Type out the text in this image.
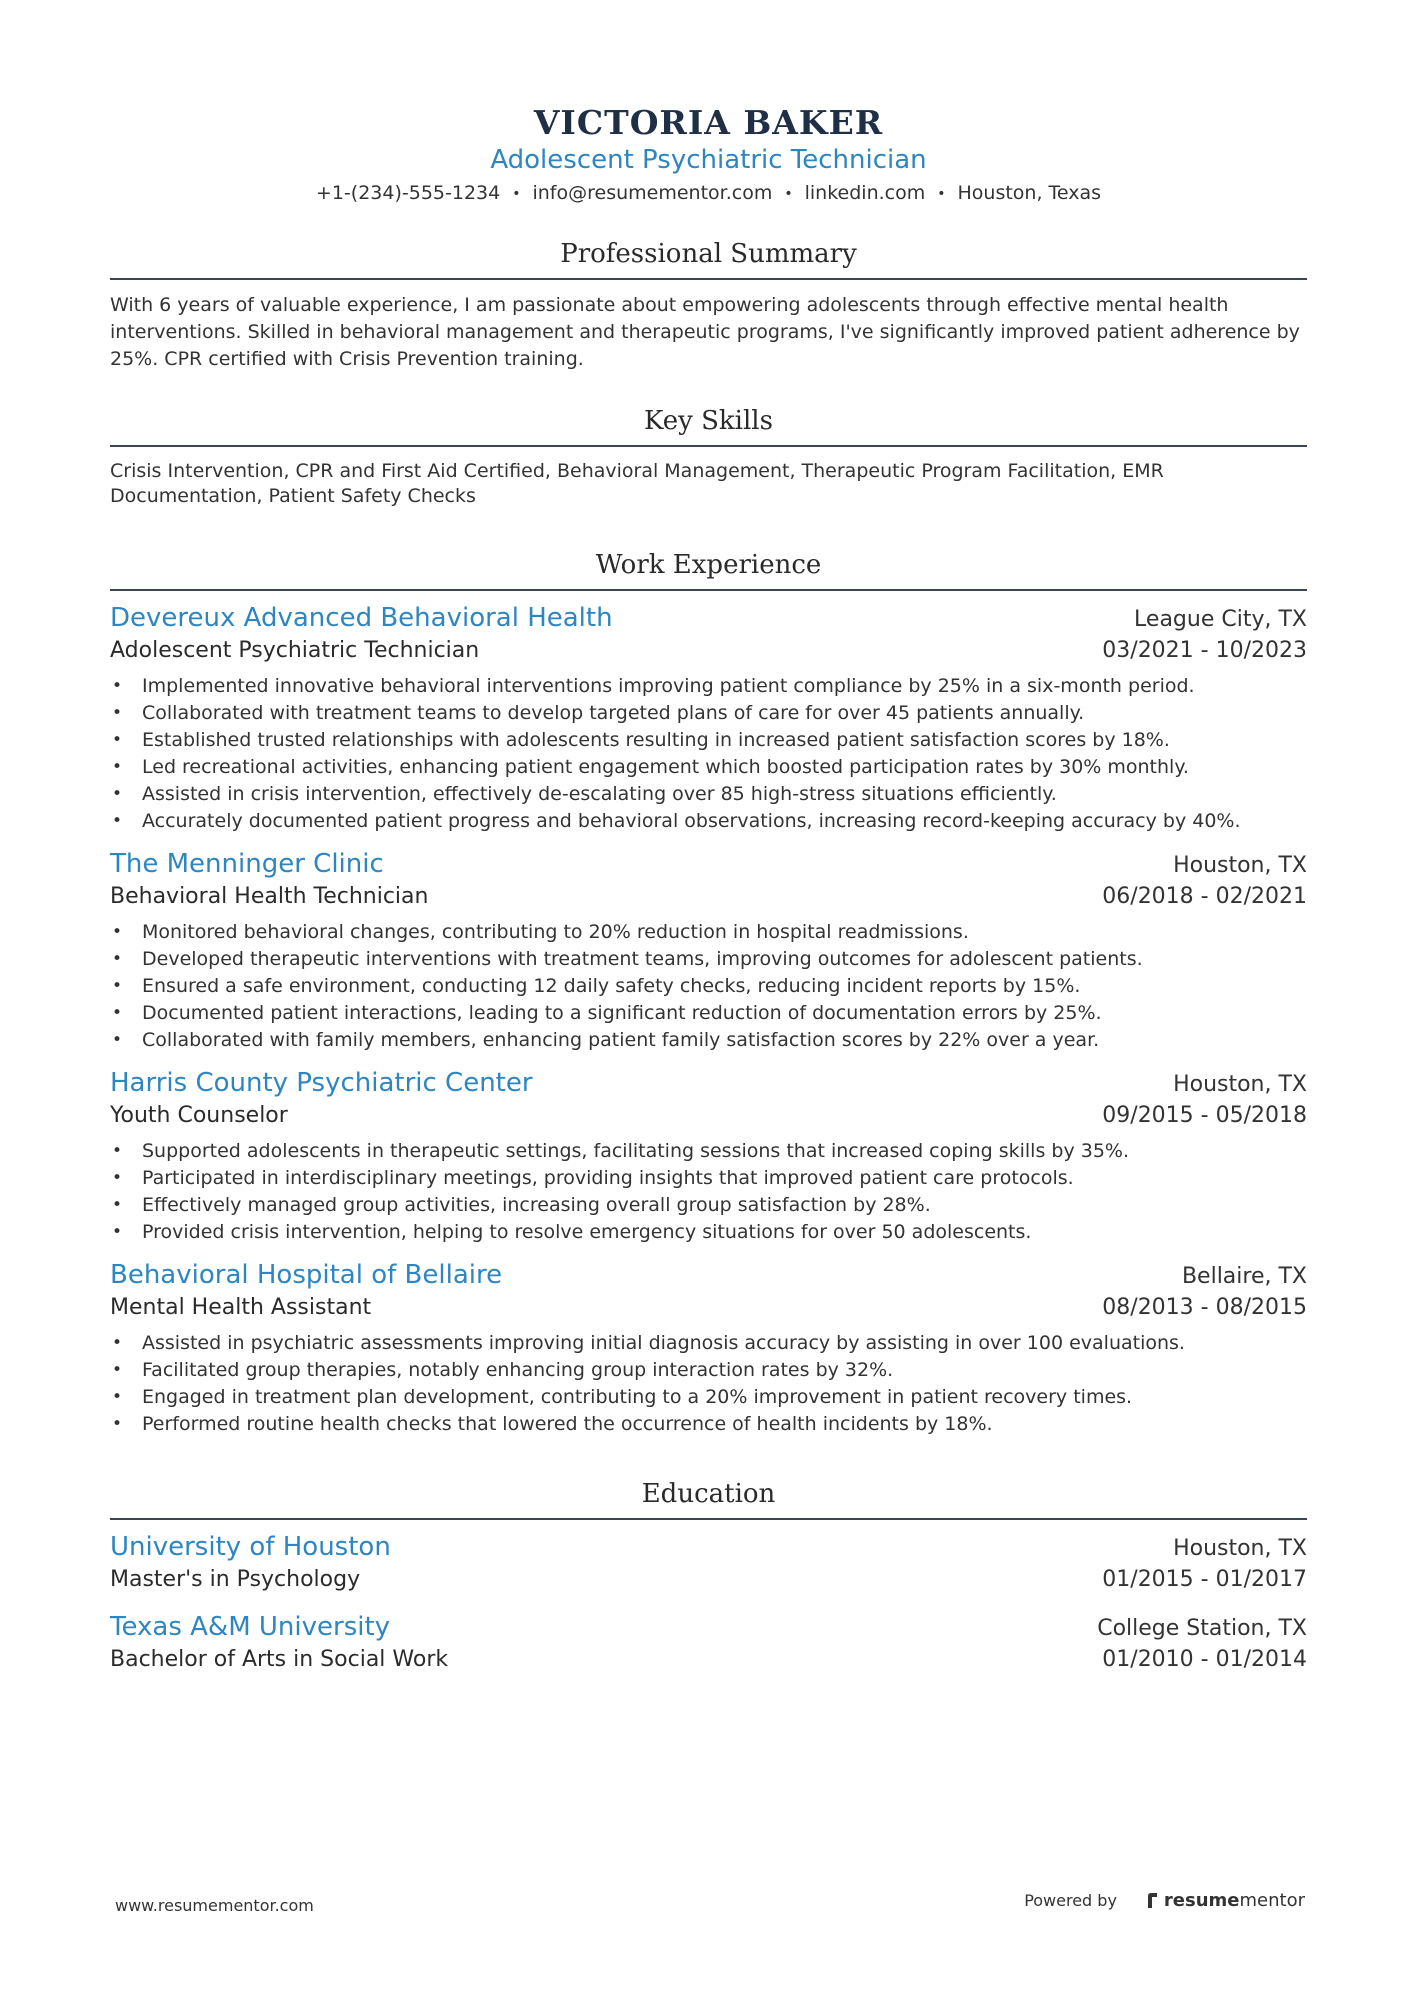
VICTORIA BAKER
Adolescent Psychiatric Technician
+1-(234)-555-1234 • info@resumementor.com • linkedin.com • Houston, Texas
Professional Summary
With 6 years of valuable experience, I am passionate about empowering adolescents through effective mental health interventions. Skilled in behavioral management and therapeutic programs, I've significantly improved patient adherence by 25%. CPR certified with Crisis Prevention training.
Key Skills
Crisis Intervention, CPR and First Aid Certified, Behavioral Management, Therapeutic Program Facilitation, EMR Documentation, Patient Safety Checks
Work Experience
Devereux Advanced Behavioral Health	League City, TX
Adolescent Psychiatric Technician	03/2021 - 10/2023
• Implemented innovative behavioral interventions improving patient compliance by 25% in a six-month period.
• Collaborated with treatment teams to develop targeted plans of care for over 45 patients annually.
• Established trusted relationships with adolescents resulting in increased patient satisfaction scores by 18%.
• Led recreational activities, enhancing patient engagement which boosted participation rates by 30% monthly.
• Assisted in crisis intervention, effectively de-escalating over 85 high-stress situations efficiently.
• Accurately documented patient progress and behavioral observations, increasing record-keeping accuracy by 40%.
The Menninger Clinic	Houston, TX
Behavioral Health Technician	06/2018 - 02/2021
• Monitored behavioral changes, contributing to 20% reduction in hospital readmissions.
• Developed therapeutic interventions with treatment teams, improving outcomes for adolescent patients.
• Ensured a safe environment, conducting 12 daily safety checks, reducing incident reports by 15%.
• Documented patient interactions, leading to a significant reduction of documentation errors by 25%.
• Collaborated with family members, enhancing patient family satisfaction scores by 22% over a year.
Harris County Psychiatric Center	Houston, TX
Youth Counselor	09/2015 - 05/2018
• Supported adolescents in therapeutic settings, facilitating sessions that increased coping skills by 35%.
• Participated in interdisciplinary meetings, providing insights that improved patient care protocols.
• Effectively managed group activities, increasing overall group satisfaction by 28%.
• Provided crisis intervention, helping to resolve emergency situations for over 50 adolescents.
Behavioral Hospital of Bellaire	Bellaire, TX
Mental Health Assistant	08/2013 - 08/2015
• Assisted in psychiatric assessments improving initial diagnosis accuracy by assisting in over 100 evaluations.
• Facilitated group therapies, notably enhancing group interaction rates by 32%.
• Engaged in treatment plan development, contributing to a 20% improvement in patient recovery times.
• Performed routine health checks that lowered the occurrence of health incidents by 18%.
Education
University of Houston	Houston, TX
Master's in Psychology	01/2015 - 01/2017
Texas A&M University	College Station, TX
Bachelor of Arts in Social Work	01/2010 - 01/2014
www.resumementor.com	Powered by	resume mentor
